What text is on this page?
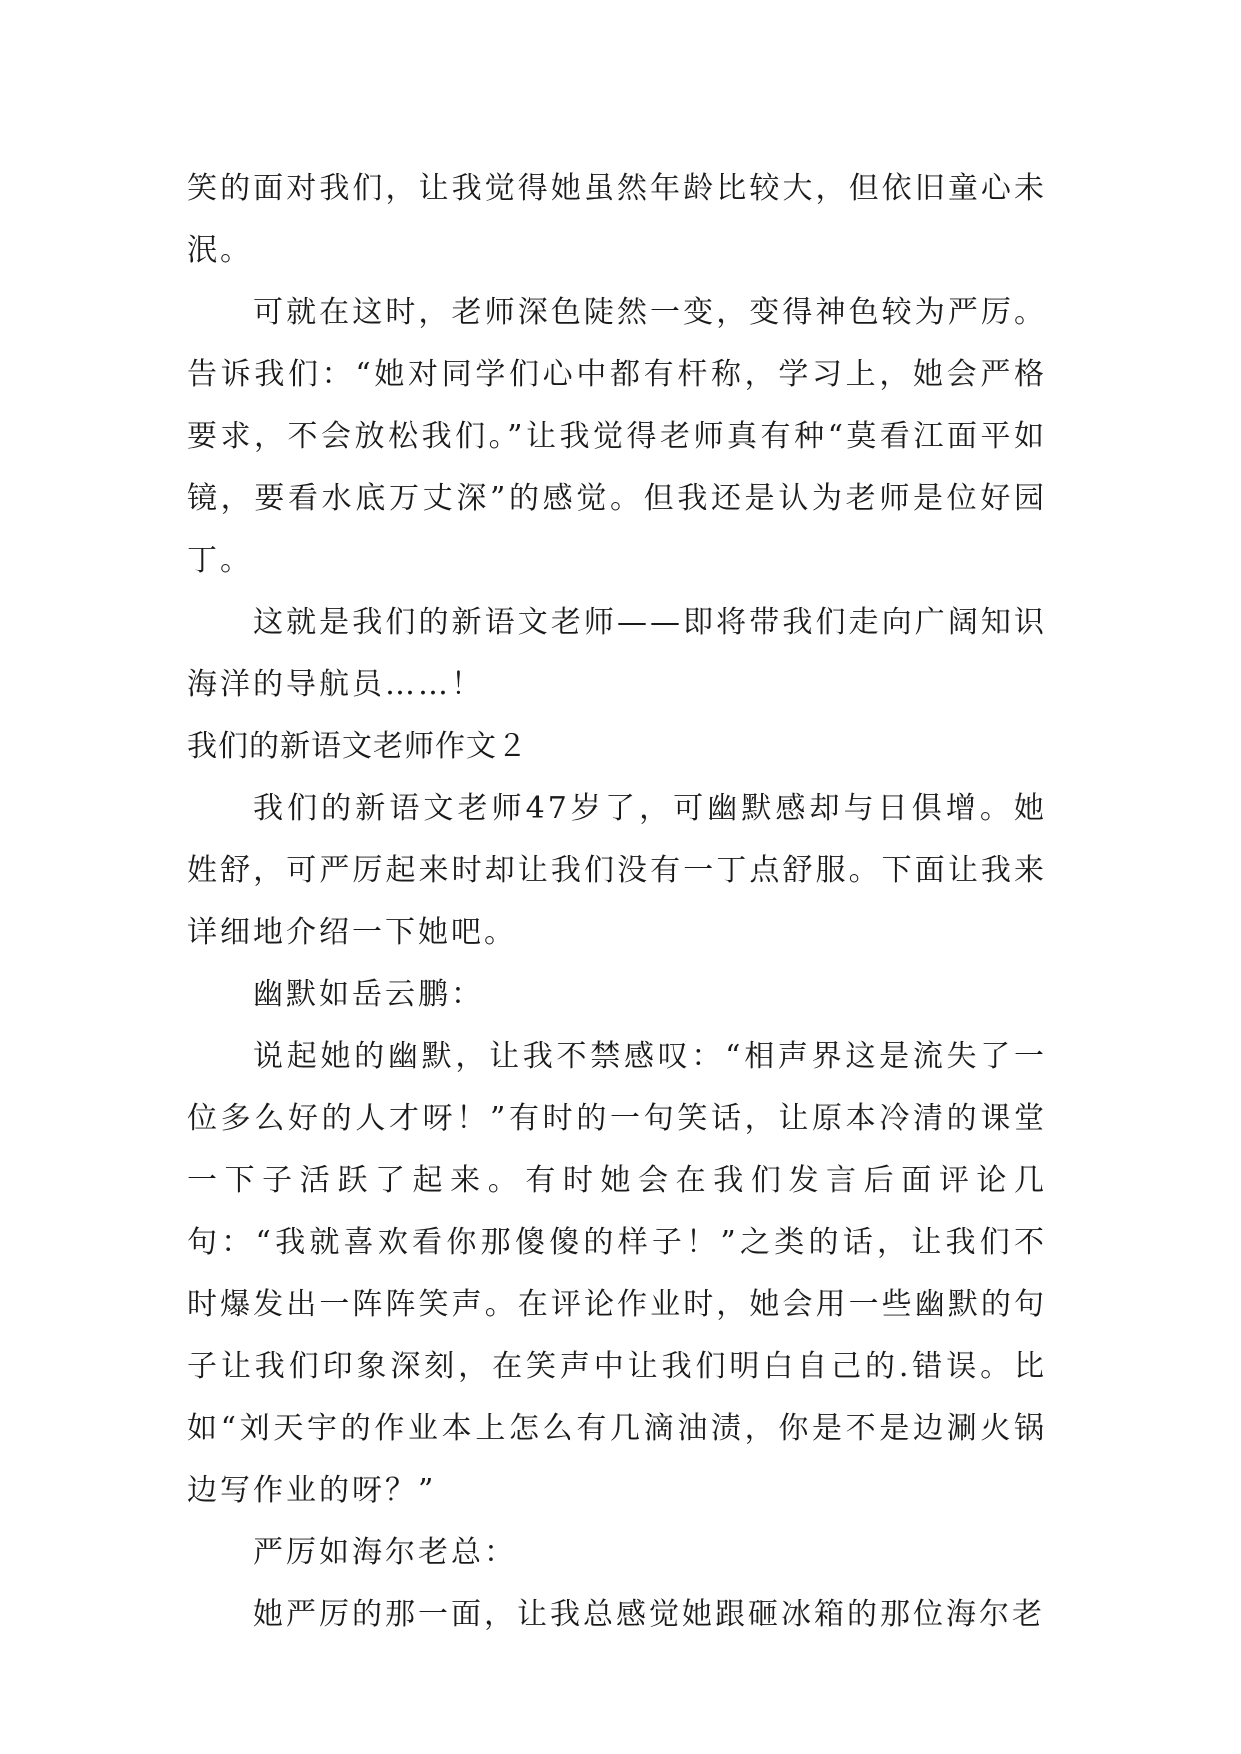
笑的面对我们，让我觉得她虽然年龄比较大，但依旧童心未泯。

可就在这时，老师深色陡然一变，变得神色较为严厉。告诉我们：“她对同学们心中都有杆称，学习上，她会严格要求，不会放松我们。”让我觉得老师真有种“莫看江面平如镜，要看水底万丈深”的感觉。但我还是认为老师是位好园丁。

这就是我们的新语文老师——即将带我们走向广阔知识海洋的导航员……！

我们的新语文老师作文２

我们的新语文老师47岁了，可幽默感却与日俱增。她姓舒，可严厉起来时却让我们没有一丁点舒服。下面让我来详细地介绍一下她吧。

幽默如岳云鹏：

说起她的幽默，让我不禁感叹：“相声界这是流失了一位多么好的人才呀！”有时的一句笑话，让原本冷清的课堂一下子活跃了起来。有时她会在我们发言后面评论几句：“我就喜欢看你那傻傻的样子！”之类的话，让我们不时爆发出一阵阵笑声。在评论作业时，她会用一些幽默的句子让我们印象深刻，在笑声中让我们明白自己的.错误。比如“刘天宇的作业本上怎么有几滴油渍，你是不是边涮火锅边写作业的呀？”

严厉如海尔老总：

她严厉的那一面，让我总感觉她跟砸冰箱的那位海尔老
